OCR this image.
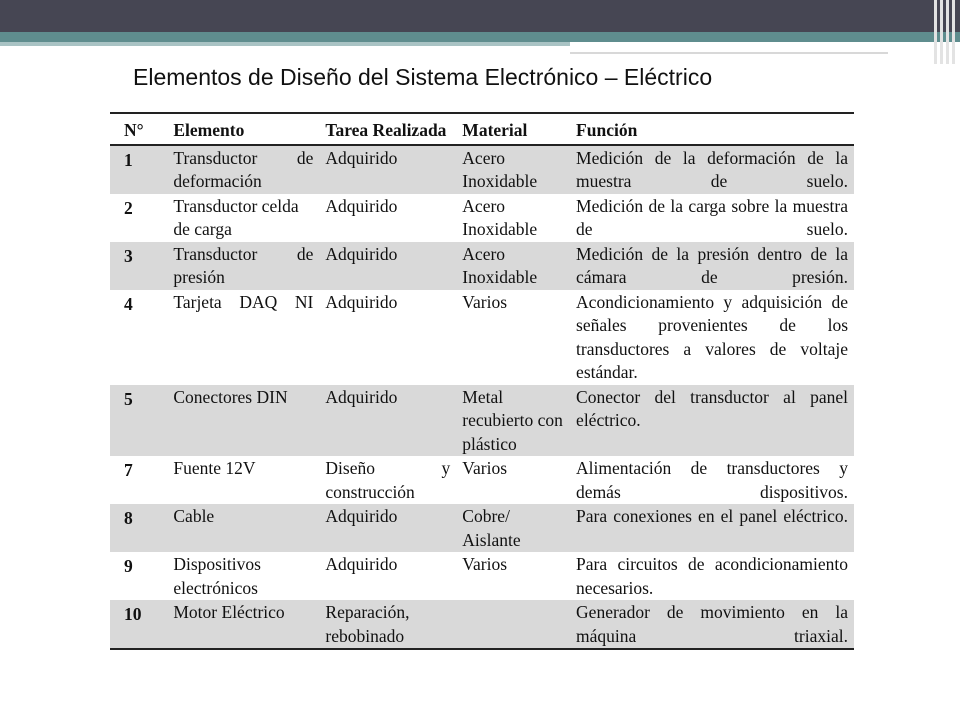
Elementos de Diseño del Sistema Electrónico – Eléctrico
N°	Elemento	Tarea Realizada	Material	Función
1	Transductor de deformación	Adquirido	Acero Inoxidable	Medición de la deformación de la muestra de suelo.
2	Transductor celda de carga	Adquirido	Acero Inoxidable	Medición de la carga sobre la muestra de suelo.
3	Transductor de presión	Adquirido	Acero Inoxidable	Medición de la presión dentro de la cámara de presión.
4	Tarjeta DAQ NI	Adquirido	Varios	Acondicionamiento y adquisición de señales provenientes de los transductores a valores de voltaje estándar.
5	Conectores DIN	Adquirido	Metal recubierto con plástico	Conector del transductor al panel eléctrico.
7	Fuente 12V	Diseño y construcción	Varios	Alimentación de transductores y demás dispositivos.
8	Cable	Adquirido	Cobre/ Aislante	Para conexiones en el panel eléctrico.
9	Dispositivos electrónicos	Adquirido	Varios	Para circuitos de acondicionamiento necesarios.
10	Motor Eléctrico	Reparación, rebobinado		Generador de movimiento en la máquina triaxial.
